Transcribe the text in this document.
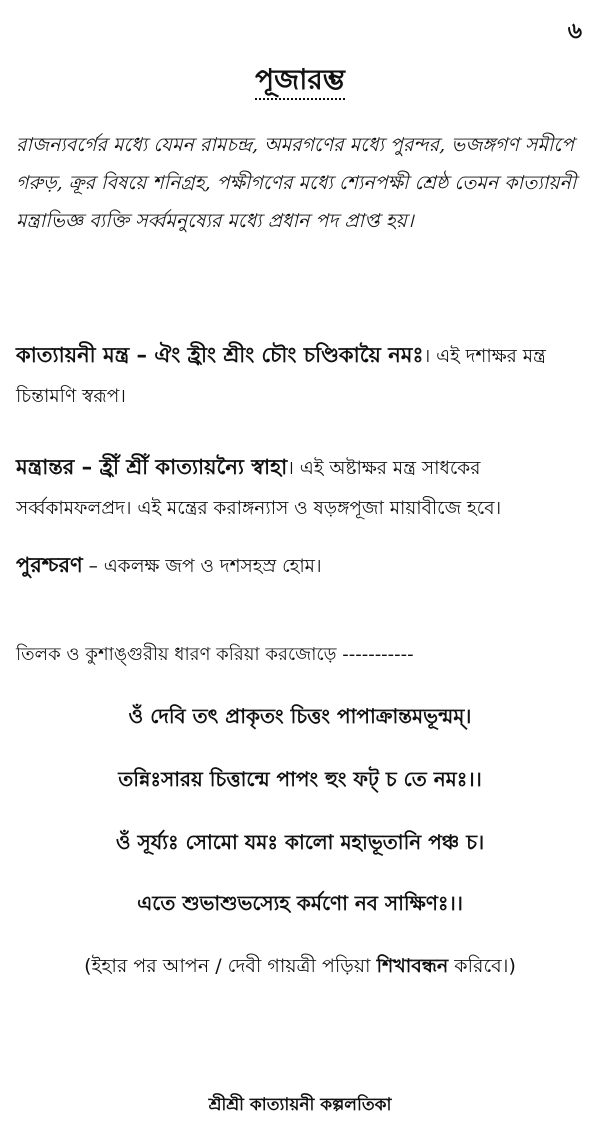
৬
পূজারম্ভ
রাজন্যবর্গের মধ্যে যেমন রামচন্দ্র, অমরগণের মধ্যে পুরন্দর, ভজঙ্গগণ সমীপে গরুড়, ক্রূর বিষয়ে শনিগ্রহ, পক্ষীগণের মধ্যে শ্যেনপক্ষী শ্রেষ্ঠ তেমন কাত্যায়নী মন্ত্রাভিজ্ঞ ব্যক্তি সর্ব্বমনুষ্যের মধ্যে প্রধান পদ প্রাপ্ত হয়।
কাত্যায়নী মন্ত্র – ঐং হ্রীং শ্রীং চৌং চণ্ডিকায়ৈ নমঃ। এই দশাক্ষর মন্ত্র চিন্তামণি স্বরূপ।
মন্ত্রান্তর – হ্রীঁ শ্রীঁ কাত্যায়ন্যৈ স্বাহা। এই অষ্টাক্ষর মন্ত্র সাধকের সর্ব্বকামফলপ্রদ। এই মন্ত্রের করাঙ্গন্যাস ও ষড়ঙ্গপূজা মায়াবীজে হবে।
পুরশ্চরণ – একলক্ষ জপ ও দশসহস্র হোম।
তিলক ও কুশাঙ্গুরীয় ধারণ করিয়া করজোড়ে -----------
ওঁ দেবি তৎ প্রাকৃতং চিত্তং পাপাক্রান্তমভূন্মম্।
তন্নিঃসারয় চিত্তান্মে পাপং হুং ফট্ চ তে নমঃ।।
ওঁ সূর্য্যঃ সোমো যমঃ কালো মহাভূতানি পঞ্চ চ।
এতে শুভাশুভস্যেহ কর্মণো নব সাক্ষিণঃ।।
(ইহার পর আপন / দেবী গায়ত্রী পড়িয়া শিখাবন্ধন করিবে।)
শ্রীশ্রী কাত্যায়নী কল্পলতিকা
